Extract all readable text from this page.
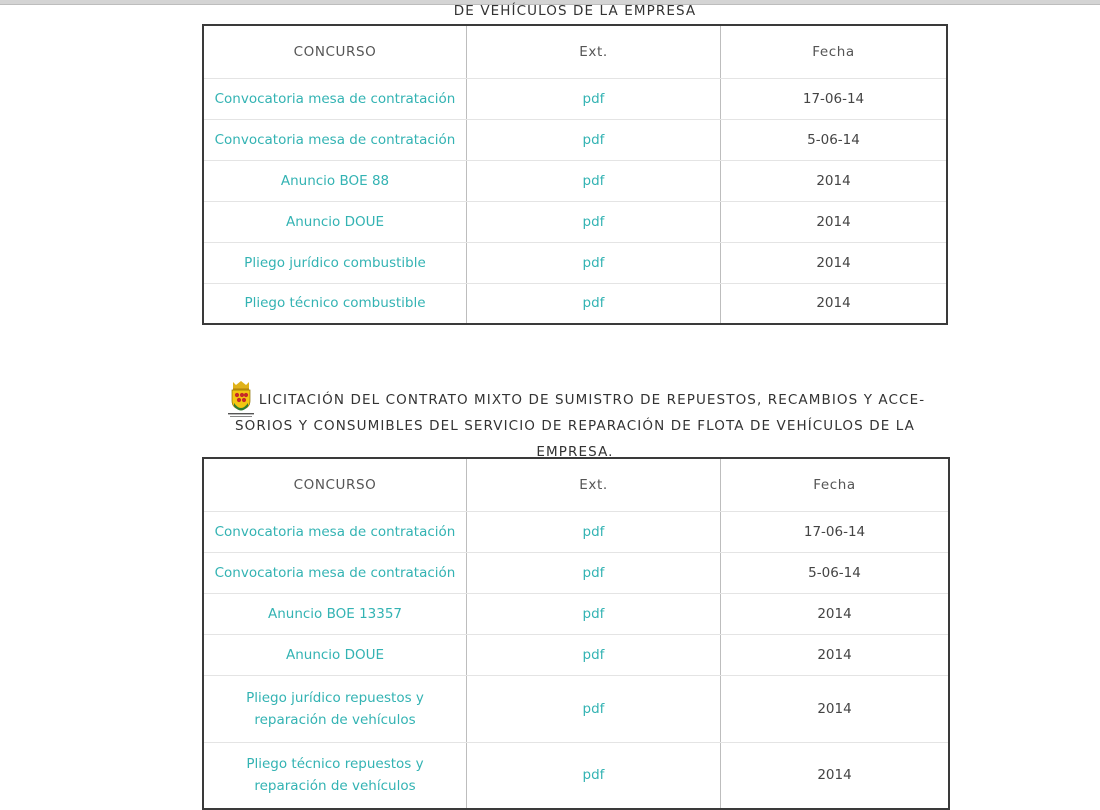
DE VEHÍCULOS DE LA EMPRESA
CONCURSO	Ext.	Fecha
Convocatoria mesa de contratación	pdf	17-06-14
Convocatoria mesa de contratación	pdf	5-06-14
Anuncio BOE 88	pdf	2014
Anuncio DOUE	pdf	2014
Pliego jurídico combustible	pdf	2014
Pliego técnico combustible	pdf	2014
LICITACIÓN DEL CONTRATO MIXTO DE SUMISTRO DE REPUESTOS, RECAMBIOS Y ACCE-
SORIOS Y CONSUMIBLES DEL SERVICIO DE REPARACIÓN DE FLOTA DE VEHÍCULOS DE LA
EMPRESA.
CONCURSO	Ext.	Fecha
Convocatoria mesa de contratación	pdf	17-06-14
Convocatoria mesa de contratación	pdf	5-06-14
Anuncio BOE 13357	pdf	2014
Anuncio DOUE	pdf	2014
Pliego jurídico repuestos y
reparación de vehículos	pdf	2014
Pliego técnico repuestos y
reparación de vehículos	pdf	2014
